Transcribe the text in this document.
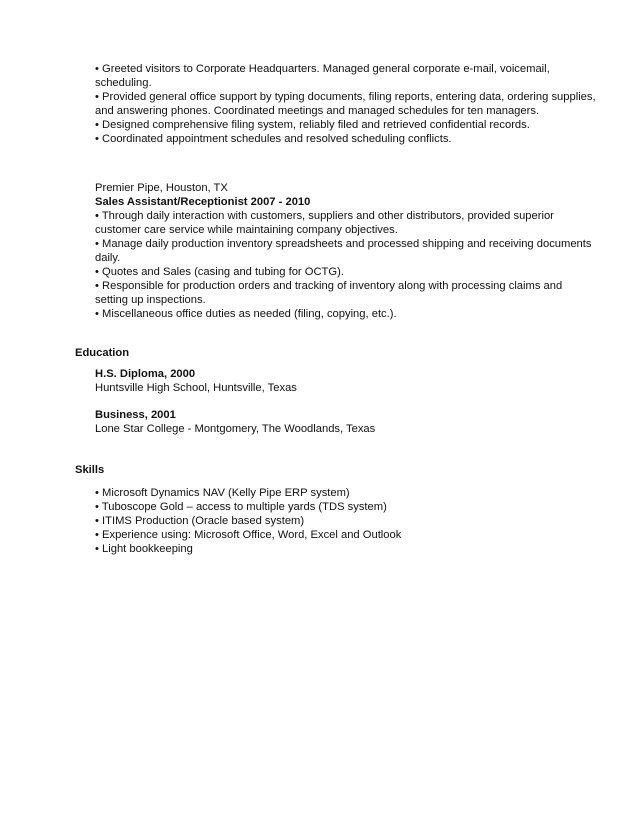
• Greeted visitors to Corporate Headquarters. Managed general corporate e-mail, voicemail,
scheduling.
• Provided general office support by typing documents, filing reports, entering data, ordering supplies,
and answering phones. Coordinated meetings and managed schedules for ten managers.
• Designed comprehensive filing system, reliably filed and retrieved confidential records.
• Coordinated appointment schedules and resolved scheduling conflicts.
Premier Pipe, Houston, TX
Sales Assistant/Receptionist 2007 - 2010
• Through daily interaction with customers, suppliers and other distributors, provided superior
customer care service while maintaining company objectives.
• Manage daily production inventory spreadsheets and processed shipping and receiving documents
daily.
• Quotes and Sales (casing and tubing for OCTG).
• Responsible for production orders and tracking of inventory along with processing claims and
setting up inspections.
• Miscellaneous office duties as needed (filing, copying, etc.).
Education
H.S. Diploma, 2000
Huntsville High School, Huntsville, Texas
Business, 2001
Lone Star College - Montgomery, The Woodlands, Texas
Skills
• Microsoft Dynamics NAV (Kelly Pipe ERP system)
• Tuboscope Gold – access to multiple yards (TDS system)
• ITIMS Production (Oracle based system)
• Experience using: Microsoft Office, Word, Excel and Outlook
• Light bookkeeping
